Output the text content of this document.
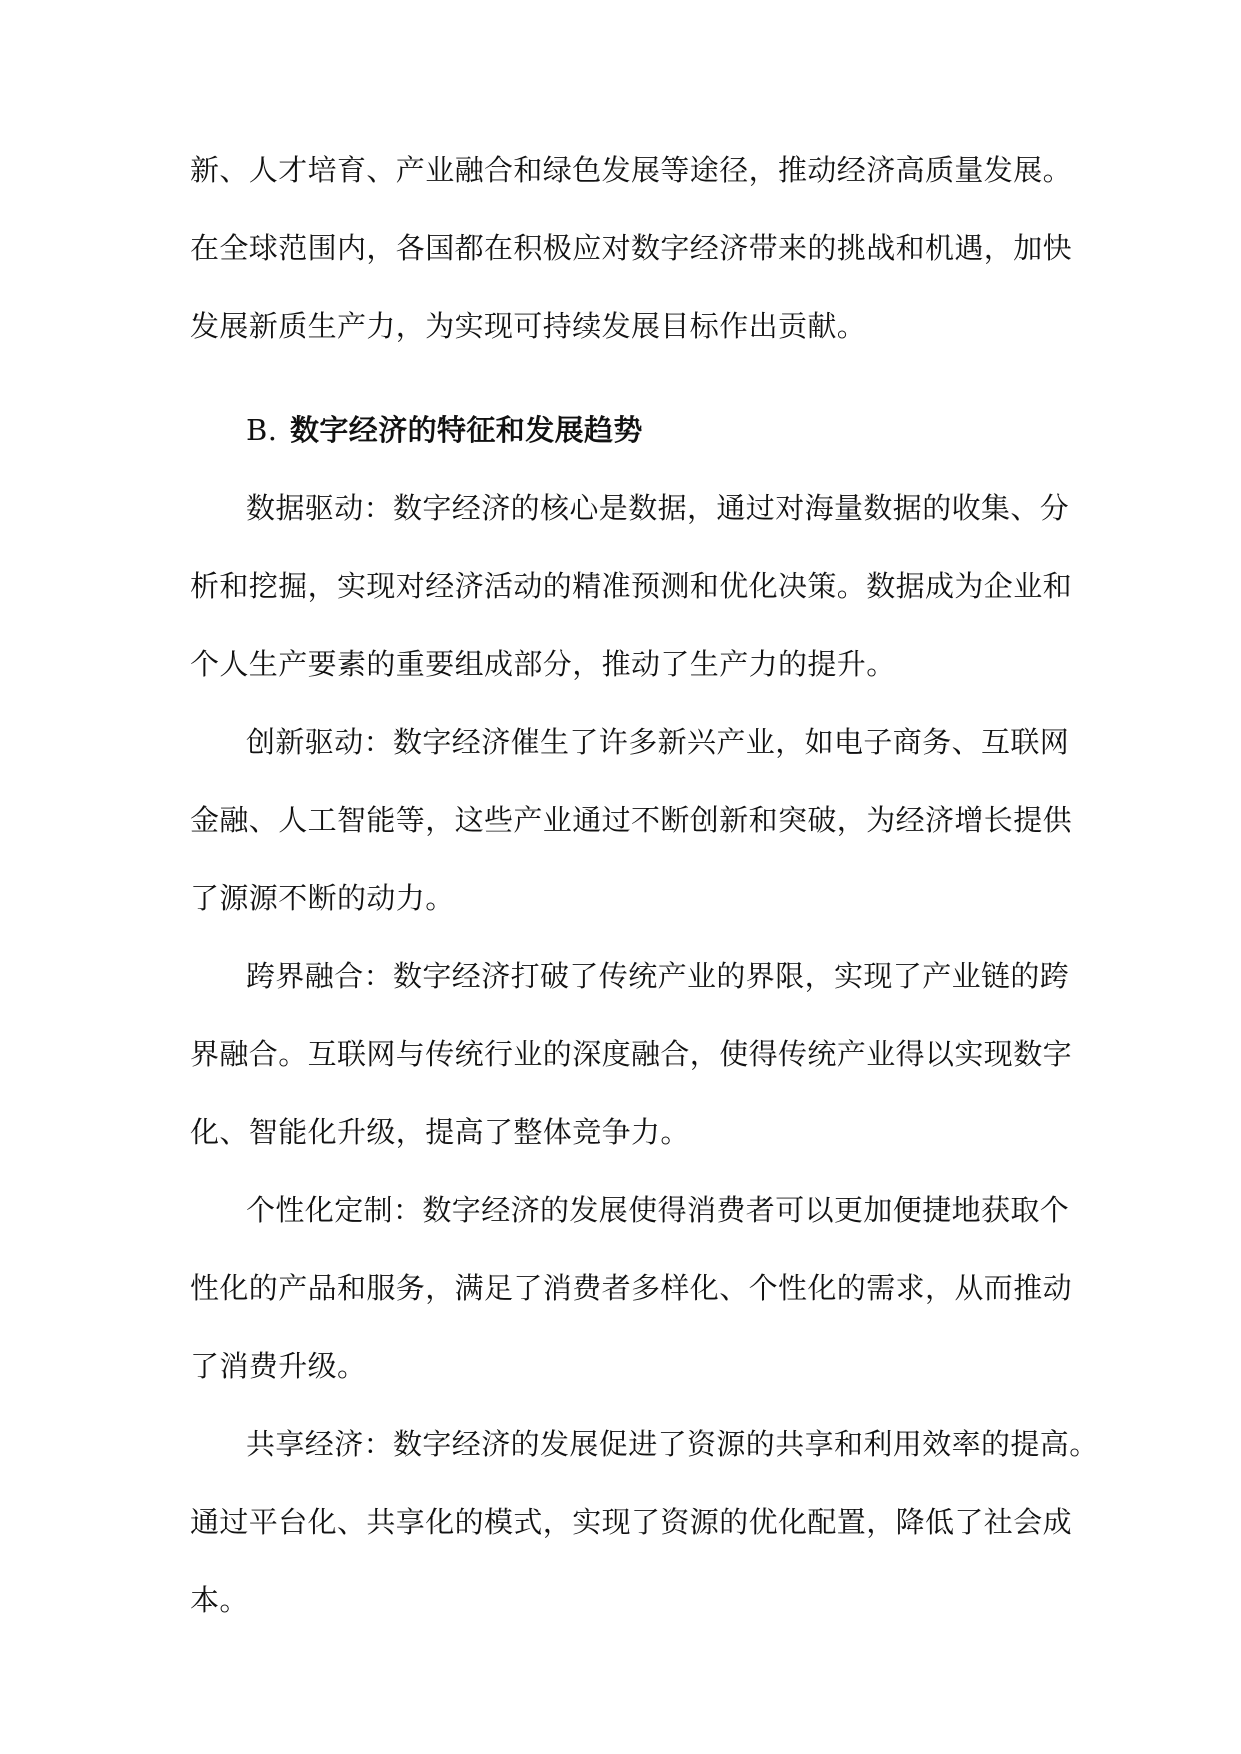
新、人才培育、产业融合和绿色发展等途径，推动经济高质量发展。
在全球范围内，各国都在积极应对数字经济带来的挑战和机遇，加快
发展新质生产力，为实现可持续发展目标作出贡献。
B. 数字经济的特征和发展趋势
数据驱动：数字经济的核心是数据，通过对海量数据的收集、分
析和挖掘，实现对经济活动的精准预测和优化决策。数据成为企业和
个人生产要素的重要组成部分，推动了生产力的提升。
创新驱动：数字经济催生了许多新兴产业，如电子商务、互联网
金融、人工智能等，这些产业通过不断创新和突破，为经济增长提供
了源源不断的动力。
跨界融合：数字经济打破了传统产业的界限，实现了产业链的跨
界融合。互联网与传统行业的深度融合，使得传统产业得以实现数字
化、智能化升级，提高了整体竞争力。
个性化定制：数字经济的发展使得消费者可以更加便捷地获取个
性化的产品和服务，满足了消费者多样化、个性化的需求，从而推动
了消费升级。
共享经济：数字经济的发展促进了资源的共享和利用效率的提高。
通过平台化、共享化的模式，实现了资源的优化配置，降低了社会成
本。
